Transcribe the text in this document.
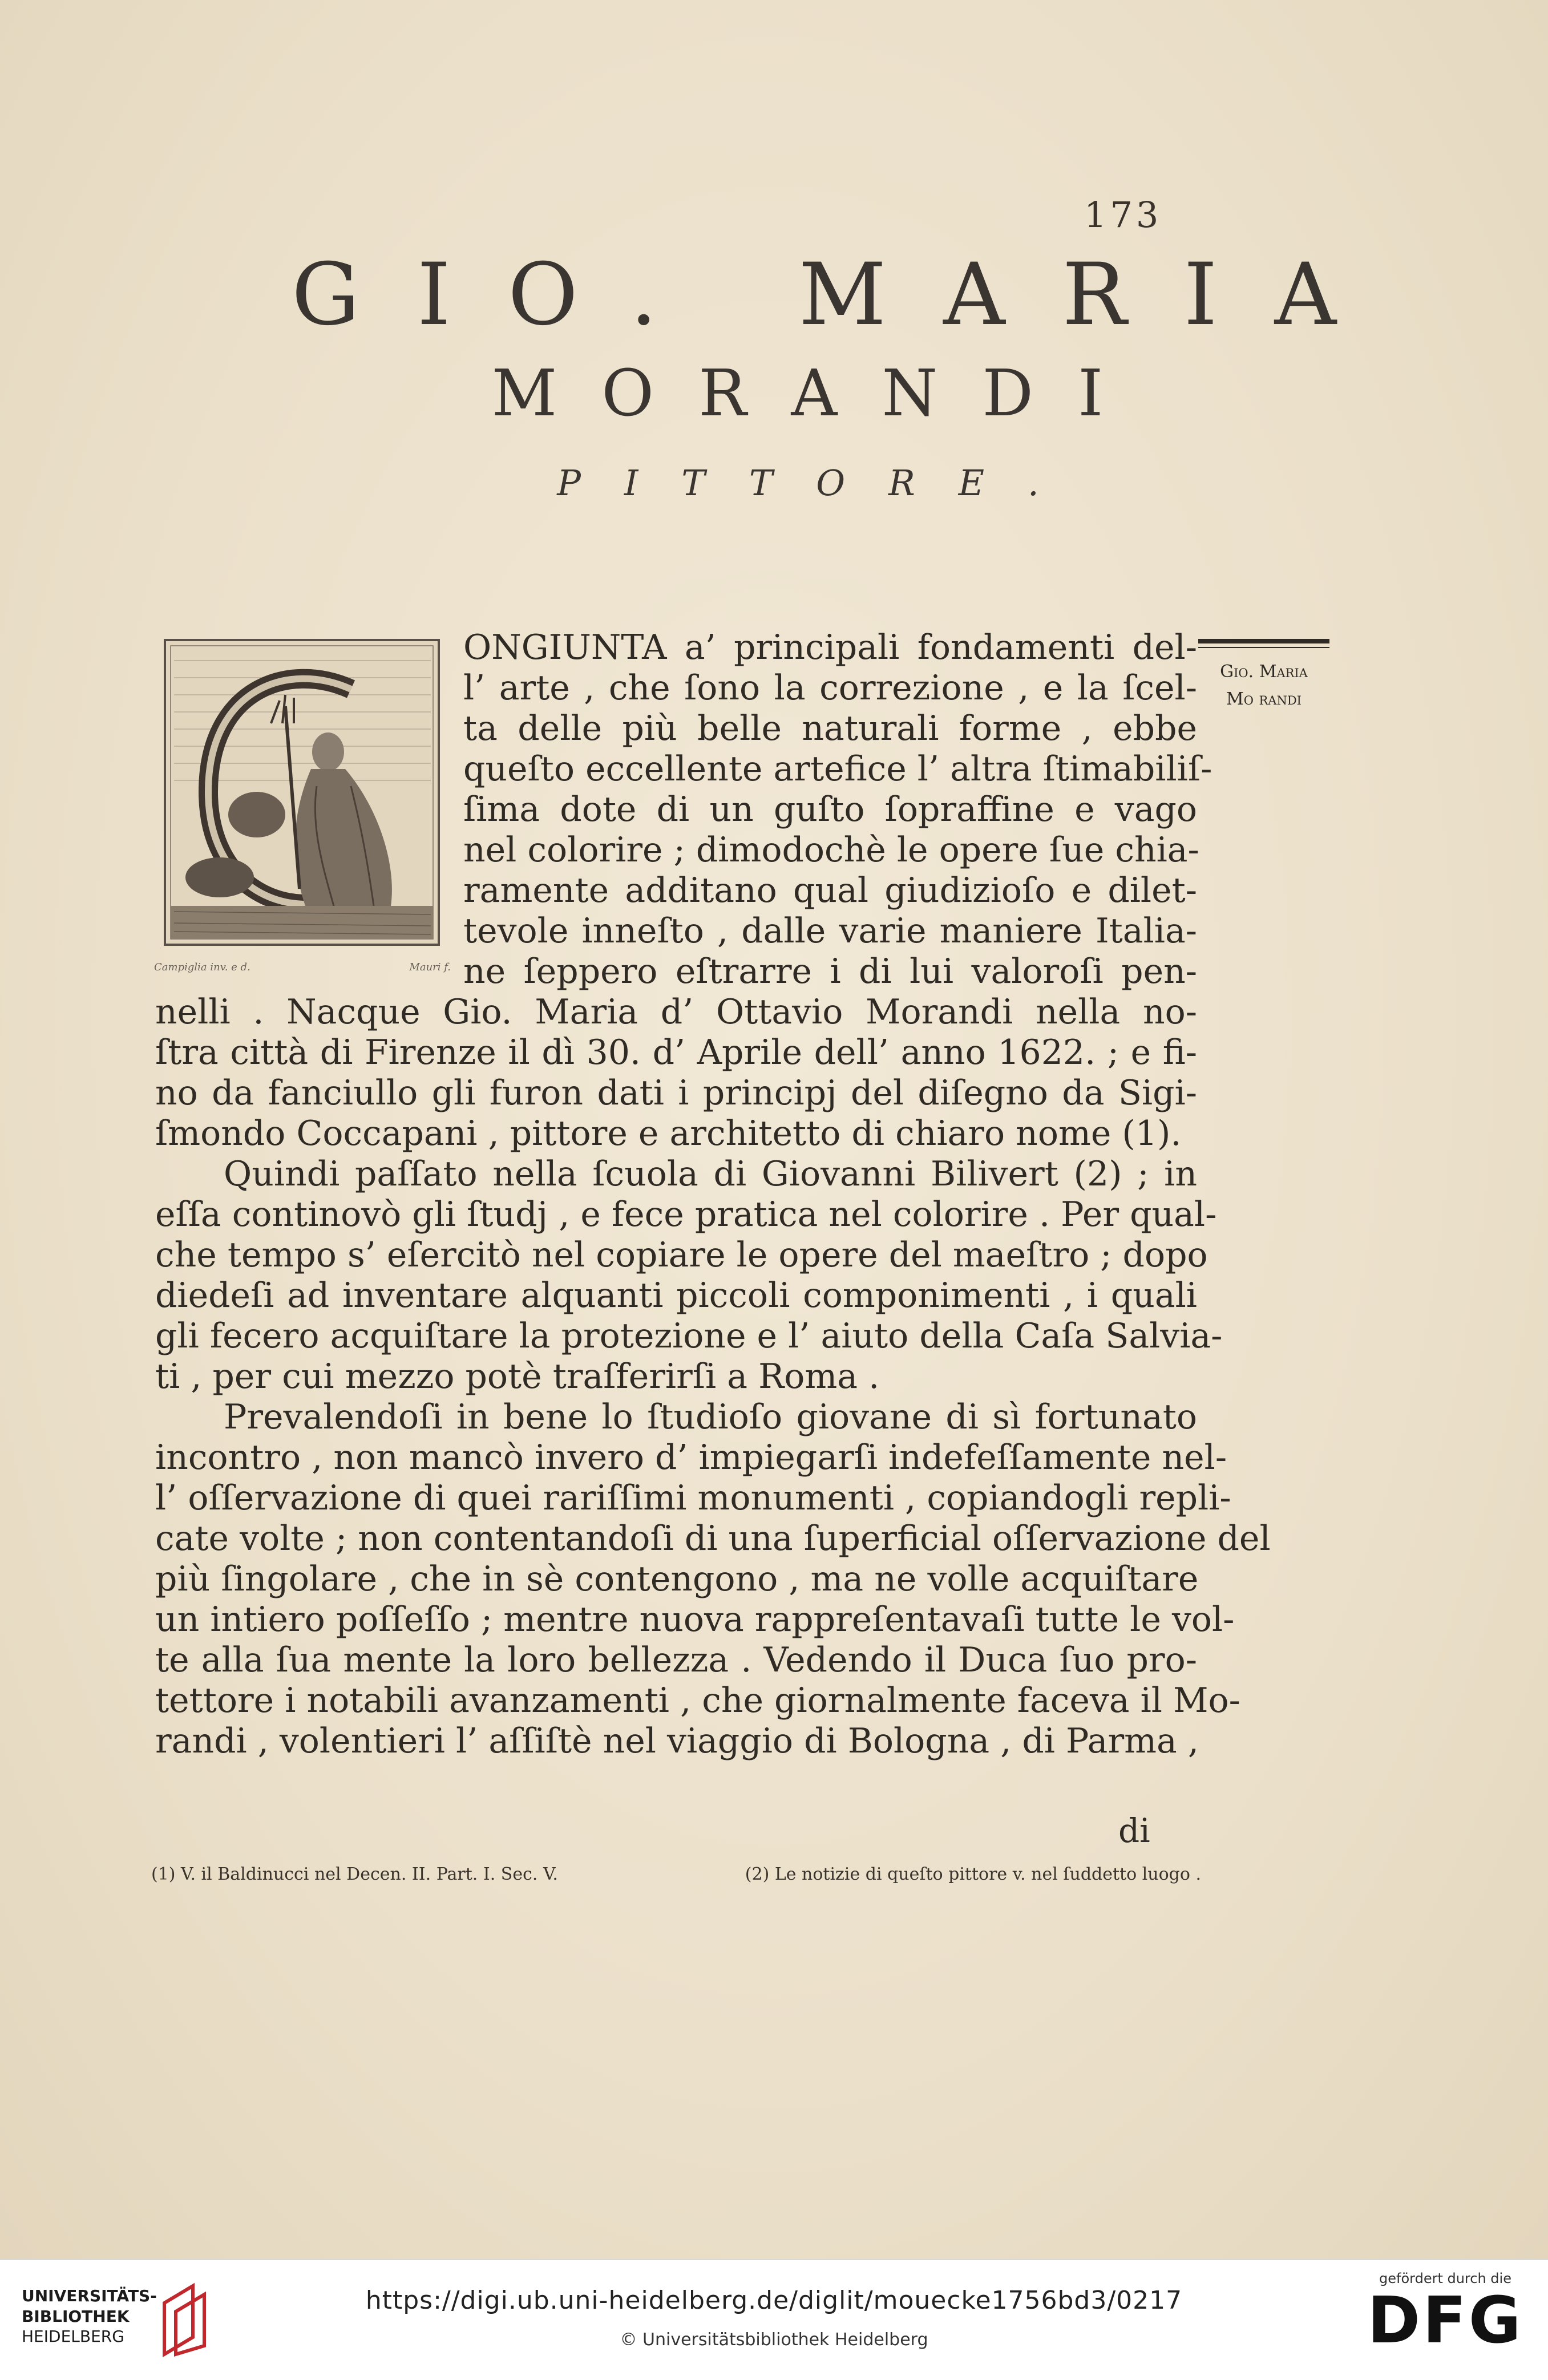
173
GIO. MARIA
MORANDI
PITTORE.
Campiglia inv. e d.	Mauri f.
Gio. Maria
Mo randi
ONGIUNTA a’ principali fondamenti del-
l’ arte , che ſono la correzione , e la ſcel-
ta delle più belle naturali forme , ebbe
queſto eccellente artefice l’ altra ſtimabiliſ-
ſima dote di un guſto ſopraffine e vago
nel colorire ; dimodochè le opere ſue chia-
ramente additano qual giudizioſo e dilet-
tevole inneſto , dalle varie maniere Italia-
ne ſeppero eſtrarre i di lui valoroſi pen-
nelli . Nacque Gio. Maria d’ Ottavio Morandi nella no-
ſtra città di Firenze il dì 30. d’ Aprile dell’ anno 1622. ; e fi-
no da fanciullo gli furon dati i principj del diſegno da Sigi-
ſmondo Coccapani , pittore e architetto di chiaro nome (1).
Quindi paſſato nella ſcuola di Giovanni Bilivert (2) ; in
eſſa continovò gli ſtudj , e fece pratica nel colorire . Per qual-
che tempo s’ eſercitò nel copiare le opere del maeſtro ; dopo
diedeſi ad inventare alquanti piccoli componimenti , i quali
gli fecero acquiſtare la protezione e l’ aiuto della Caſa Salvia-
ti , per cui mezzo potè traſferirſi a Roma .
Prevalendoſi in bene lo ſtudioſo giovane di sì fortunato
incontro , non mancò invero d’ impiegarſi indefeſſamente nel-
l’ oſſervazione di quei rariſſimi monumenti , copiandogli repli-
cate volte ; non contentandoſi di una ſuperficial oſſervazione del
più ſingolare , che in sè contengono , ma ne volle acquiſtare
un intiero poſſeſſo ; mentre nuova rappreſentavaſi tutte le vol-
te alla ſua mente la loro bellezza . Vedendo il Duca ſuo pro-
tettore i notabili avanzamenti , che giornalmente faceva il Mo-
randi , volentieri l’ aſſiſtè nel viaggio di Bologna , di Parma ,
di
(1) V. il Baldinucci nel Decen. II. Part. I. Sec. V.	(2) Le notizie di queſto pittore v. nel ſuddetto luogo .
UNIVERSITÄTS-
BIBLIOTHEK
HEIDELBERG
https://digi.ub.uni-heidelberg.de/diglit/mouecke1756bd3/0217
© Universitätsbibliothek Heidelberg
gefördert durch die
DFG
